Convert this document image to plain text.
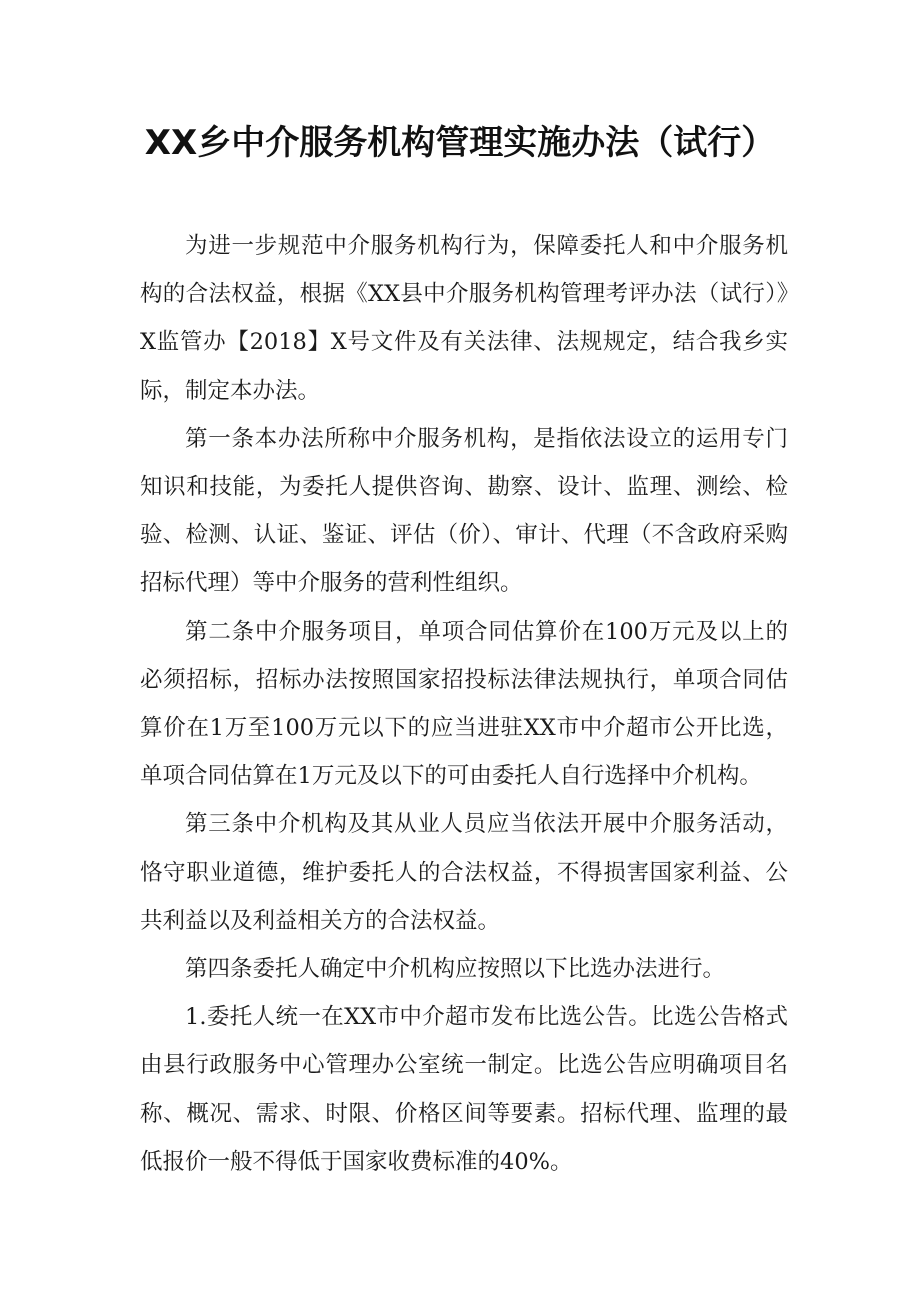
XX乡中介服务机构管理实施办法（试行）

为进一步规范中介服务机构行为，保障委托人和中介服务机构的合法权益，根据《XX县中介服务机构管理考评办法（试行）》X监管办【2018】X号文件及有关法律、法规规定，结合我乡实际，制定本办法。

第一条本办法所称中介服务机构，是指依法设立的运用专门知识和技能，为委托人提供咨询、勘察、设计、监理、测绘、检验、检测、认证、鉴证、评估（价）、审计、代理（不含政府采购招标代理）等中介服务的营利性组织。

第二条中介服务项目，单项合同估算价在100万元及以上的必须招标，招标办法按照国家招投标法律法规执行，单项合同估算价在1万至100万元以下的应当进驻XX市中介超市公开比选，单项合同估算在1万元及以下的可由委托人自行选择中介机构。

第三条中介机构及其从业人员应当依法开展中介服务活动，恪守职业道德，维护委托人的合法权益，不得损害国家利益、公共利益以及利益相关方的合法权益。

第四条委托人确定中介机构应按照以下比选办法进行。

1.委托人统一在XX市中介超市发布比选公告。比选公告格式由县行政服务中心管理办公室统一制定。比选公告应明确项目名称、概况、需求、时限、价格区间等要素。招标代理、监理的最低报价一般不得低于国家收费标准的40%。
